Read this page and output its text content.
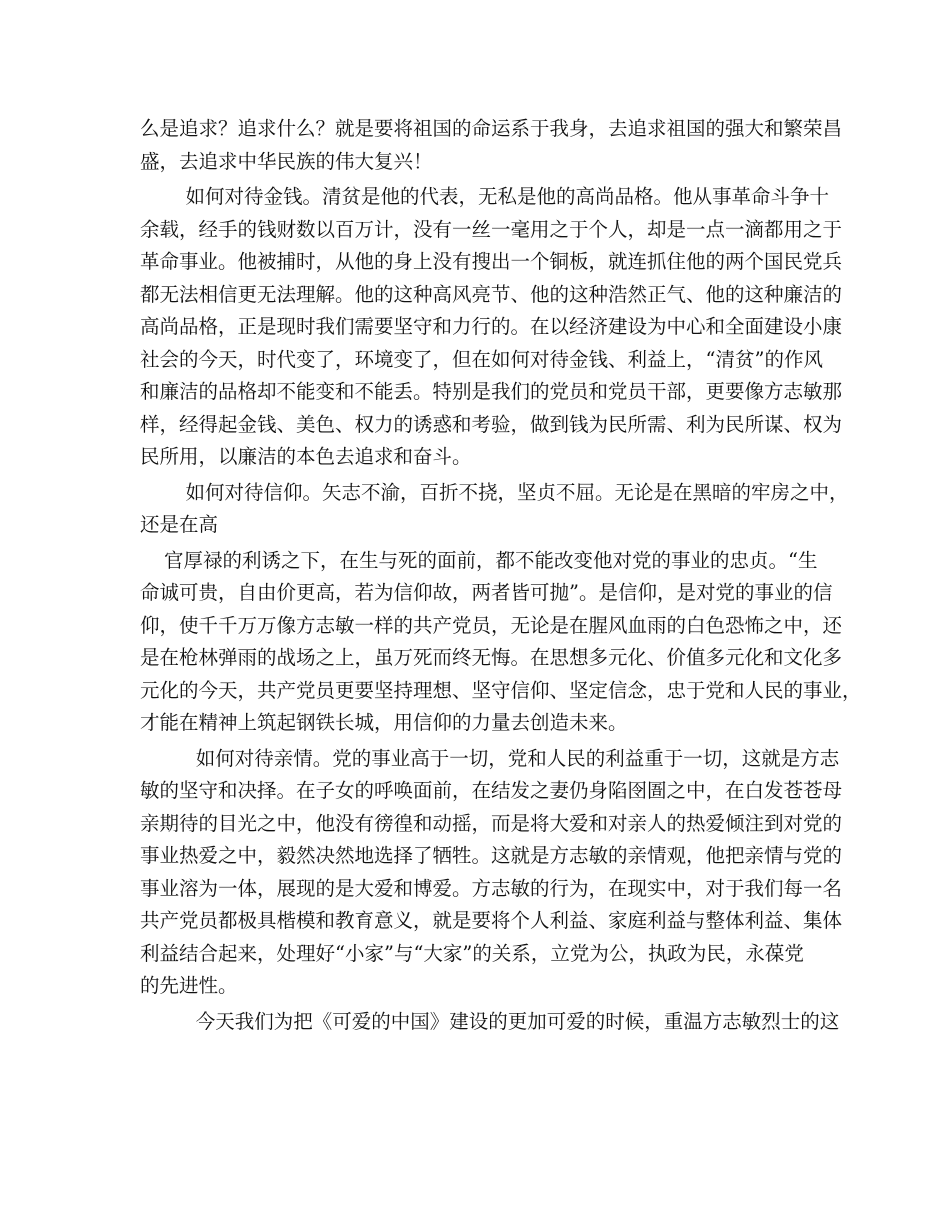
么是追求？追求什么？就是要将祖国的命运系于我身，去追求祖国的强大和繁荣昌
盛，去追求中华民族的伟大复兴！
　如何对待金钱。清贫是他的代表，无私是他的高尚品格。他从事革命斗争十
余载，经手的钱财数以百万计，没有一丝一毫用之于个人，却是一点一滴都用之于
革命事业。他被捕时，从他的身上没有搜出一个铜板，就连抓住他的两个国民党兵
都无法相信更无法理解。他的这种高风亮节、他的这种浩然正气、他的这种廉洁的
高尚品格，正是现时我们需要坚守和力行的。在以经济建设为中心和全面建设小康
社会的今天，时代变了，环境变了，但在如何对待金钱、利益上，“清贫”的作风
和廉洁的品格却不能变和不能丢。特别是我们的党员和党员干部，更要像方志敏那
样，经得起金钱、美色、权力的诱惑和考验，做到钱为民所需、利为民所谋、权为
民所用，以廉洁的本色去追求和奋斗。
　如何对待信仰。矢志不渝，百折不挠，坚贞不屈。无论是在黑暗的牢房之中，
还是在高
官厚禄的利诱之下，在生与死的面前，都不能改变他对党的事业的忠贞。“生
命诚可贵，自由价更高，若为信仰故，两者皆可抛”。是信仰，是对党的事业的信
仰，使千千万万像方志敏一样的共产党员，无论是在腥风血雨的白色恐怖之中，还
是在枪林弹雨的战场之上，虽万死而终无悔。在思想多元化、价值多元化和文化多
元化的今天，共产党员更要坚持理想、坚守信仰、坚定信念，忠于党和人民的事业，
才能在精神上筑起钢铁长城，用信仰的力量去创造未来。
　 如何对待亲情。党的事业高于一切，党和人民的利益重于一切，这就是方志
敏的坚守和决择。在子女的呼唤面前，在结发之妻仍身陷囹圄之中，在白发苍苍母
亲期待的目光之中，他没有徬徨和动摇，而是将大爱和对亲人的热爱倾注到对党的
事业热爱之中，毅然决然地选择了牺牲。这就是方志敏的亲情观，他把亲情与党的
事业溶为一体，展现的是大爱和博爱。方志敏的行为，在现实中，对于我们每一名
共产党员都极具楷模和教育意义，就是要将个人利益、家庭利益与整体利益、集体
利益结合起来，处理好“小家”与“大家”的关系，立党为公，执政为民，永葆党
的先进性。
　 今天我们为把《可爱的中国》建设的更加可爱的时候，重温方志敏烈士的这
